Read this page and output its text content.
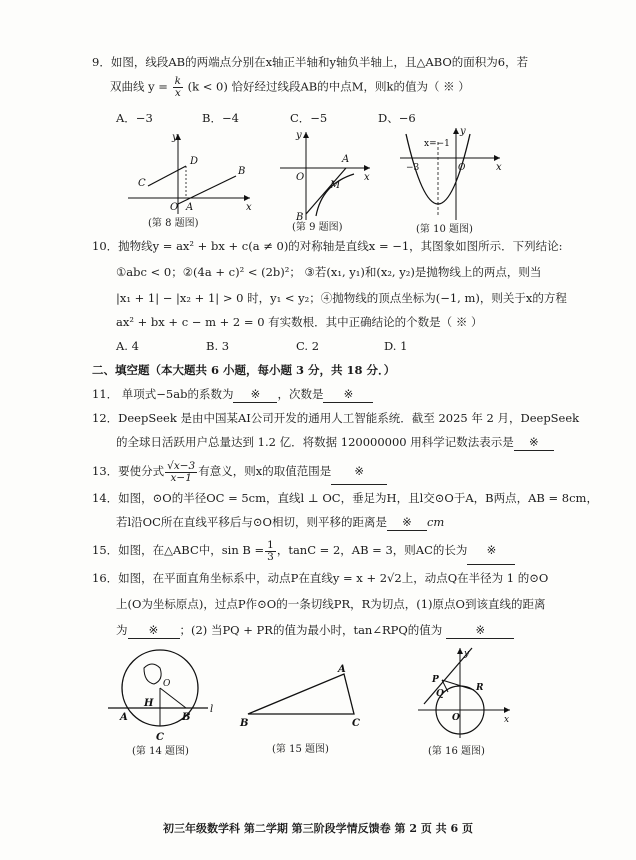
9．如图，线段AB的两端点分别在x轴正半轴和y轴负半轴上，且△ABO的面积为6，若
双曲线 $y = \frac{k}{x} (k < 0)$ 恰好经过线段AB的中点M，则k的值为（ ※ ）
A．−3	B．−4	C．−5	D、−6
y
D
C
B
O A	x
(第 8 题图)
y
O
A
B
M
x
(第 9 题图)
y
x=−1
−3	O	x
(第 10 题图)
10．抛物线y = ax² + bx + c(a ≠ 0)的对称轴是直线x = −1，其图象如图所示．下列结论:
①abc < 0；②(4a + c)² < (2b)²； ③若(x₁, y₁)和(x₂, y₂)是抛物线上的两点，则当
|x₁ + 1| − |x₂ + 1| > 0 时，y₁ < y₂；④抛物线的顶点坐标为(−1, m)，则关于x的方程
ax² + bx + c − m + 2 = 0 有实数根．其中正确结论的个数是（ ※ ）
A. 4	B. 3	C. 2	D. 1
二、填空题（本大题共 6 小题，每小题 3 分，共 18 分．）
11． 单项式−5ab的系数为 ※ ，次数是 ※
12．DeepSeek 是由中国某AI公司开发的通用人工智能系统．截至 2025 年 2 月，DeepSeek
的全球日活跃用户总量达到 1.2 亿．将数据 120000000 用科学记数法表示是 ※
13．要使分式 $\frac{√x-3}{x-1}$ 有意义，则x的取值范围是 ※
14．如图，⊙O的半径OC = 5cm，直线l ⊥ OC，垂足为H，且l交⊙O于A，B两点，AB = 8cm，
若l沿OC所在直线平移后与⊙O相切，则平移的距离是 ※ cm
15．如图，在△ABC中，$\sin B = \frac{1}{3}$ ，tanC = 2，AB = 3，则AC的长为 ※
16．如图，在平面直角坐标系中，动点P在直线y = x + 2√2上，动点Q在半径为 1 的⊙O
上(O为坐标原点)，过点P作⊙O的一条切线PR，R为切点，(1)原点O到该直线的距离
为 ※ ；(2) 当PQ + PR的值为最小时，tan∠RPQ的值为	※
A
H
B
l
C
O
(第 14 题图)
B
A
C
(第 15 题图)
y
P
Q
R
O	x
(第 16 题图)
初三年级数学科 第二学期 第三阶段学情反馈卷 第 2 页 共 6 页
